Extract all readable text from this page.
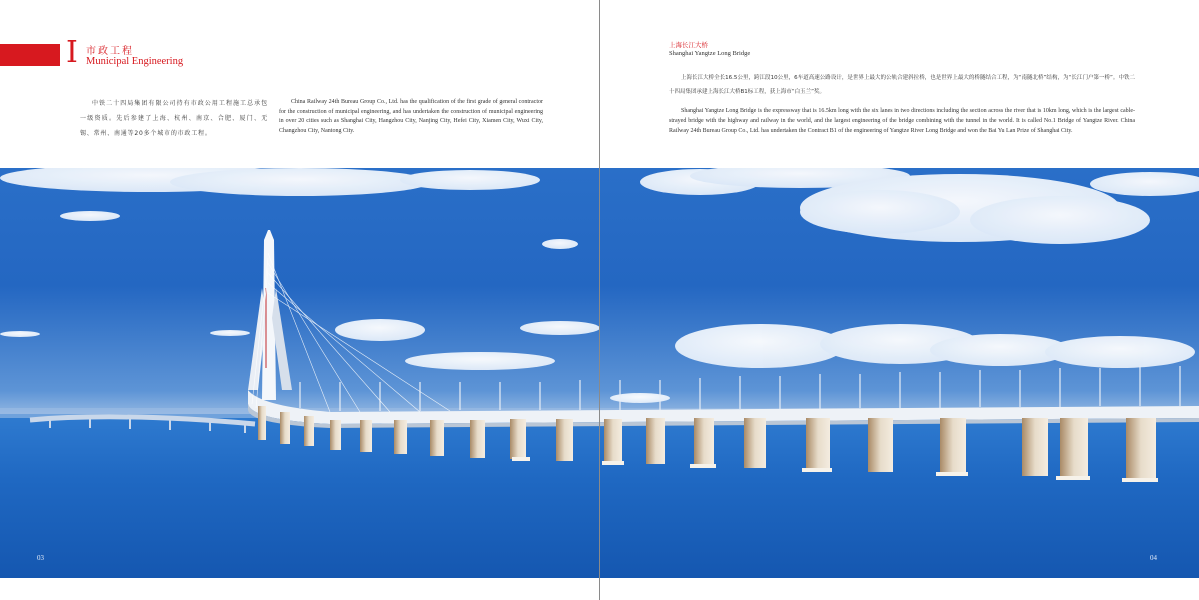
I 市政工程
Municipal Engineering

中铁二十四局集团有限公司持有市政公用工程施工总承包一级资质。先后参建了上海、杭州、南京、合肥、厦门、无锡、常州、南通等20多个城市的市政工程。

China Railway 24th Bureau Group Co., Ltd. has the qualification of the first grade of general contractor for the construction of municipal engineering, and has undertaken the construction of municipal engineering in over 20 cities such as Shanghai City, Hangzhou City, Nanjing City, Hefei City, Xiamen City, Wuxi City, Changzhou City, Nantong City.

上海长江大桥
Shanghai Yangtze Long Bridge

上海长江大桥全长16.5公里，跨江段10公里，6车道高速公路设计，是世界上最大的公轨合建斜拉桥，也是世界上最大的桥隧结合工程，为“南隧北桥”结构，为“长江门户第一桥”。中铁二十四局集团承建上海长江大桥B1标工程，获上海市“白玉兰”奖。

Shanghai Yangtze Long Bridge is the expressway that is 16.5km long with the six lanes in two directions including the section across the river that is 10km long, which is the largest cable-strayed bridge with the highway and railway in the world, and the largest engineering of the bridge combining with the tunnel in the world. It is called No.1 Bridge of Yangtze River. China Railway 24th Bureau Group Co., Ltd. has undertaken the Contract B1 of the engineering of Yangtze River Long Bridge and won the Bai Yu Lan Prize of Shanghai City.

03	04
